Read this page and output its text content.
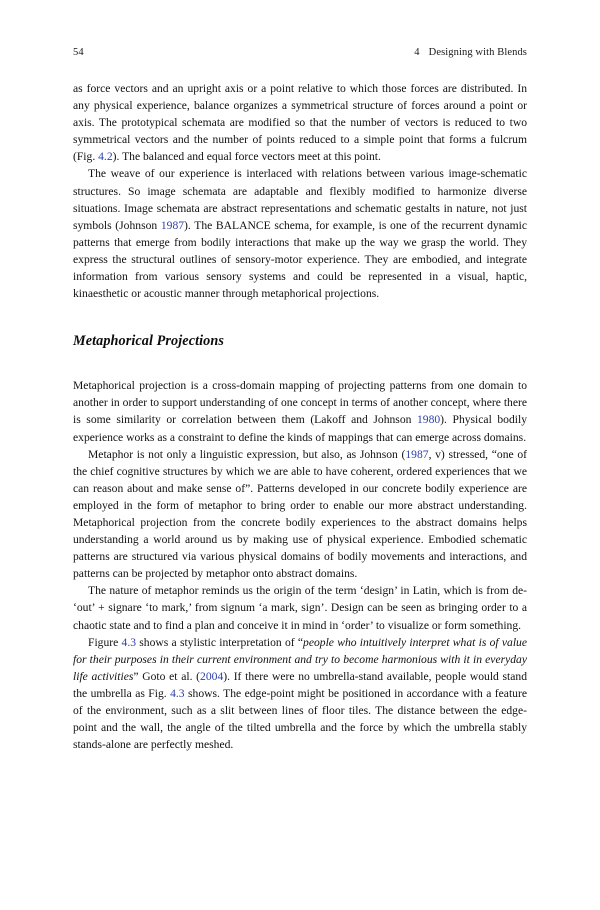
54	4 Designing with Blends

as force vectors and an upright axis or a point relative to which those forces are distributed. In any physical experience, balance organizes a symmetrical structure of forces around a point or axis. The prototypical schemata are modified so that the number of vectors is reduced to two symmetrical vectors and the number of points reduced to a simple point that forms a fulcrum (Fig. 4.2). The balanced and equal force vectors meet at this point.

The weave of our experience is interlaced with relations between various image-schematic structures. So image schemata are adaptable and flexibly modified to harmonize diverse situations. Image schemata are abstract representations and schematic gestalts in nature, not just symbols (Johnson 1987). The BALANCE schema, for example, is one of the recurrent dynamic patterns that emerge from bodily interactions that make up the way we grasp the world. They express the structural outlines of sensory-motor experience. They are embodied, and integrate information from various sensory systems and could be represented in a visual, haptic, kinaesthetic or acoustic manner through metaphorical projections.

Metaphorical Projections

Metaphorical projection is a cross-domain mapping of projecting patterns from one domain to another in order to support understanding of one concept in terms of another concept, where there is some similarity or correlation between them (Lakoff and Johnson 1980). Physical bodily experience works as a constraint to define the kinds of mappings that can emerge across domains.

Metaphor is not only a linguistic expression, but also, as Johnson (1987, v) stressed, “one of the chief cognitive structures by which we are able to have coherent, ordered experiences that we can reason about and make sense of”. Patterns developed in our concrete bodily experience are employed in the form of metaphor to bring order to enable our more abstract understanding. Metaphorical projection from the concrete bodily experiences to the abstract domains helps understanding a world around us by making use of physical experience. Embodied schematic patterns are structured via various physical domains of bodily movements and interactions, and patterns can be projected by metaphor onto abstract domains.

The nature of metaphor reminds us the origin of the term ‘design’ in Latin, which is from de- ‘out’ + signare ‘to mark,’ from signum ‘a mark, sign’. Design can be seen as bringing order to a chaotic state and to find a plan and conceive it in mind in ‘order’ to visualize or form something.

Figure 4.3 shows a stylistic interpretation of “people who intuitively interpret what is of value for their purposes in their current environment and try to become harmonious with it in everyday life activities” Goto et al. (2004). If there were no umbrella-stand available, people would stand the umbrella as Fig. 4.3 shows. The edge-point might be positioned in accordance with a feature of the environment, such as a slit between lines of floor tiles. The distance between the edge-point and the wall, the angle of the tilted umbrella and the force by which the umbrella stably stands-alone are perfectly meshed.
